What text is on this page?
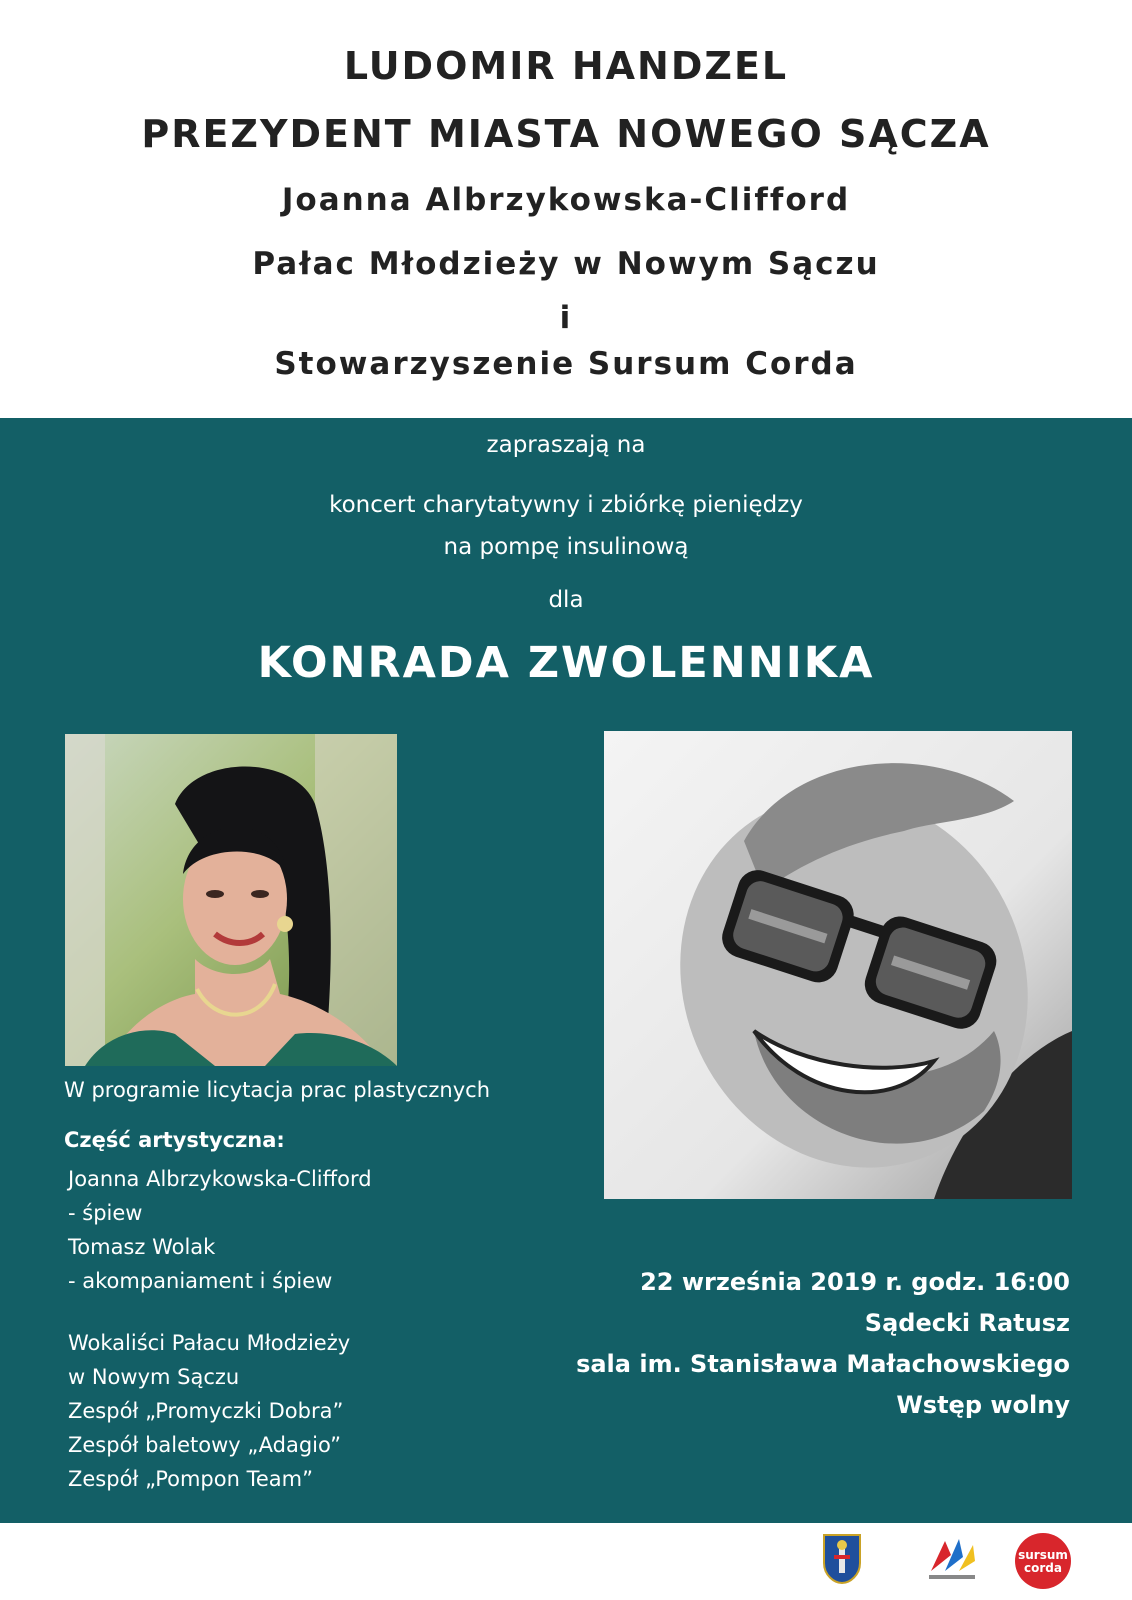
LUDOMIR HANDZEL
PREZYDENT MIASTA NOWEGO SĄCZA
Joanna Albrzykowska-Clifford
Pałac Młodzieży w Nowym Sączu
i
Stowarzyszenie Sursum Corda
zapraszają na
koncert charytatywny i zbiórkę pieniędzy
na pompę insulinową
dla
KONRADA ZWOLENNIKA
W programie licytacja prac plastycznych
Część artystyczna:
Joanna Albrzykowska-Clifford
- śpiew
Tomasz Wolak
- akompaniament i śpiew
Wokaliści Pałacu Młodzieży
w Nowym Sączu
Zespół „Promyczki Dobra”
Zespół baletowy „Adagio”
Zespół „Pompon Team”
22 września 2019 r. godz. 16:00
Sądecki Ratusz
sala im. Stanisława Małachowskiego
Wstęp wolny
sursum
corda
